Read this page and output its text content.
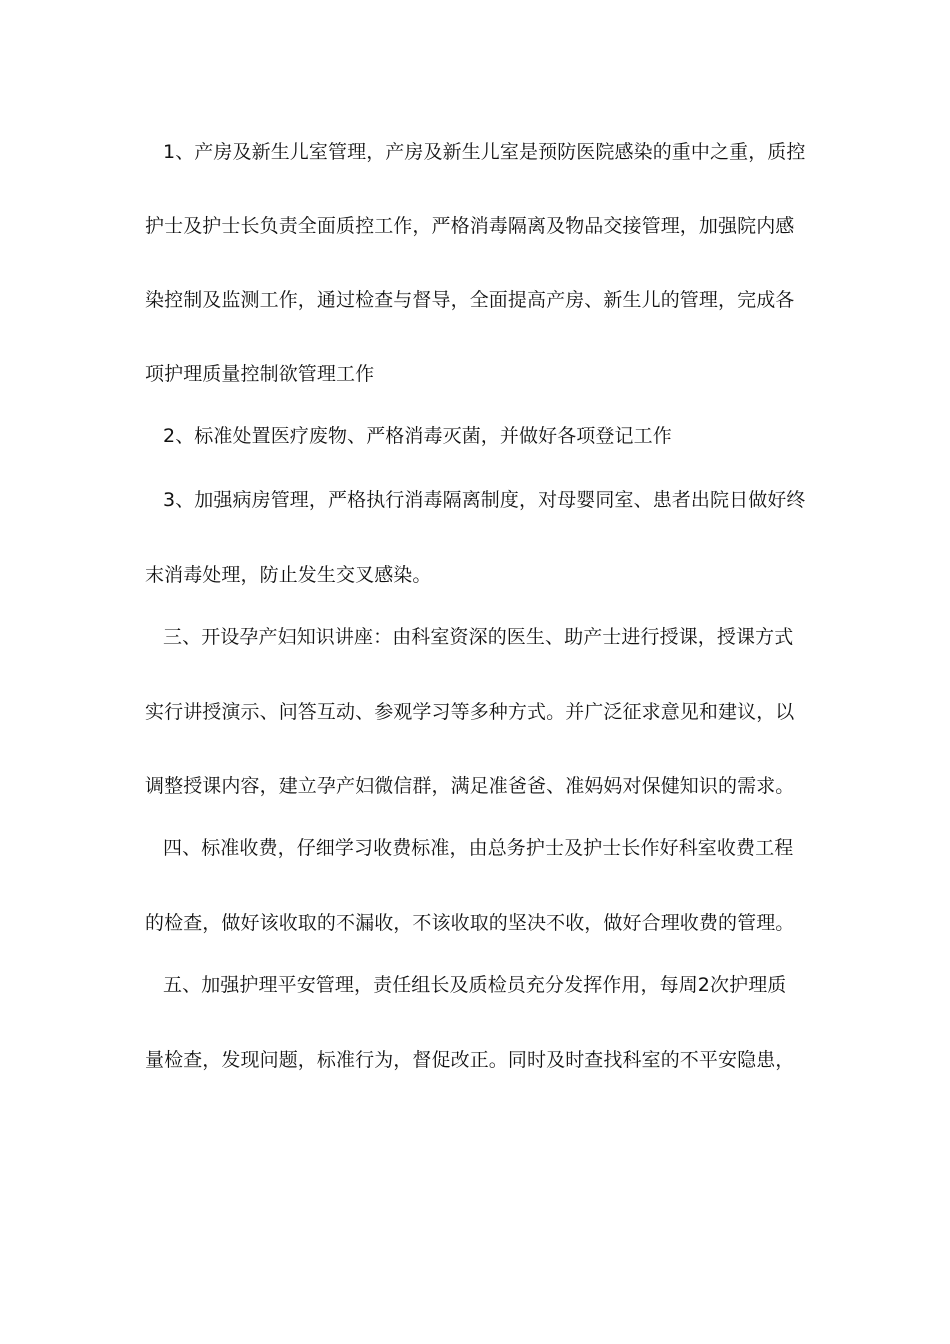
1、产房及新生儿室管理，产房及新生儿室是预防医院感染的重中之重，质控
护士及护士长负责全面质控工作，严格消毒隔离及物品交接管理，加强院内感
染控制及监测工作，通过检查与督导，全面提高产房、新生儿的管理，完成各
项护理质量控制欲管理工作
2、标准处置医疗废物、严格消毒灭菌，并做好各项登记工作
3、加强病房管理，严格执行消毒隔离制度，对母婴同室、患者出院日做好终
末消毒处理，防止发生交叉感染。
三、开设孕产妇知识讲座：由科室资深的医生、助产士进行授课，授课方式
实行讲授演示、问答互动、参观学习等多种方式。并广泛征求意见和建议，以
调整授课内容，建立孕产妇微信群，满足准爸爸、准妈妈对保健知识的需求。
四、标准收费，仔细学习收费标准，由总务护士及护士长作好科室收费工程
的检查，做好该收取的不漏收，不该收取的坚决不收，做好合理收费的管理。
五、加强护理平安管理，责任组长及质检员充分发挥作用，每周2次护理质
量检查，发现问题，标准行为，督促改正。同时及时查找科室的不平安隐患，
